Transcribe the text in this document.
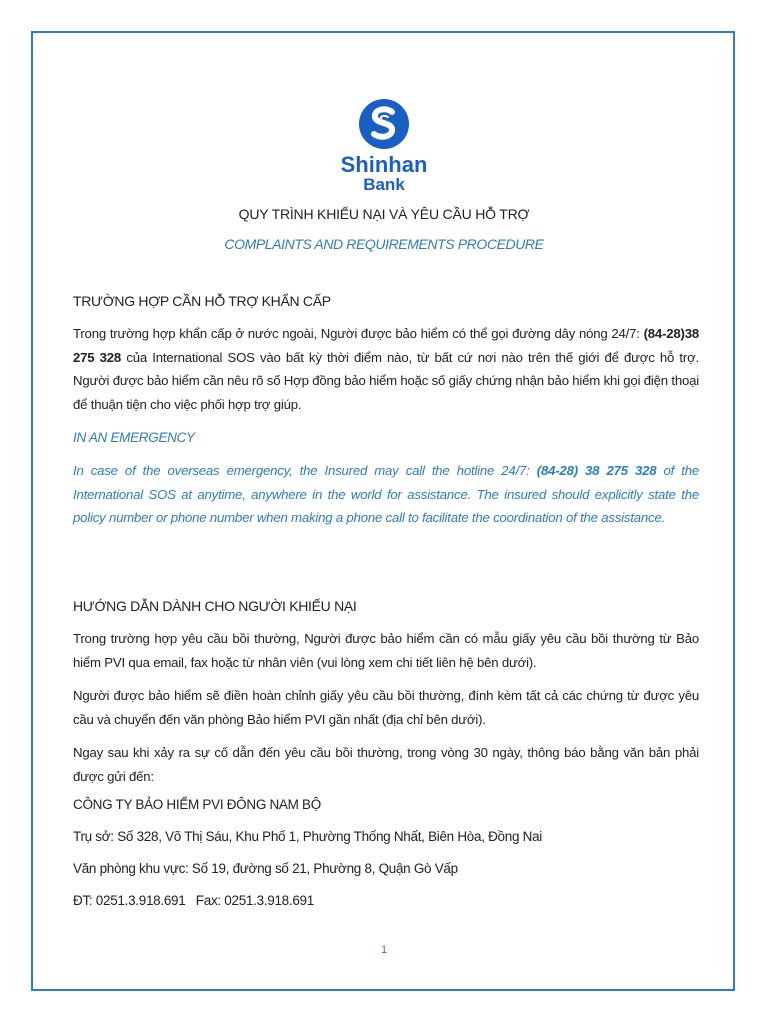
Shinhan
Bank
QUY TRÌNH KHIẾU NẠI VÀ YÊU CẦU HỖ TRỢ
COMPLAINTS AND REQUIREMENTS PROCEDURE
TRƯỜNG HỢP CẦN HỖ TRỢ KHẨN CẤP
Trong trường hợp khẩn cấp ở nước ngoài, Người được bảo hiểm có thể gọi đường dây nóng 24/7: (84-28)38 275 328 của International SOS vào bất kỳ thời điểm nào, từ bất cứ nơi nào trên thế giới để được hỗ trợ. Người được bảo hiểm cần nêu rõ số Hợp đồng bảo hiểm hoặc số giấy chứng nhận bảo hiểm khi gọi điện thoại để thuận tiện cho việc phối hợp trợ giúp.
IN AN EMERGENCY
In case of the overseas emergency, the Insured may call the hotline 24/7: (84-28) 38 275 328 of the International SOS at anytime, anywhere in the world for assistance. The insured should explicitly state the policy number or phone number when making a phone call to facilitate the coordination of the assistance.
HƯỚNG DẪN DÀNH CHO NGƯỜI KHIẾU NẠI
Trong trường hợp yêu cầu bồi thường, Người được bảo hiểm cần có mẫu giấy yêu cầu bồi thường từ Bảo hiểm PVI qua email, fax hoặc từ nhân viên (vui lòng xem chi tiết liên hệ bên dưới).
Người được bảo hiểm sẽ điền hoàn chỉnh giấy yêu cầu bồi thường, đính kèm tất cả các chứng từ được yêu cầu và chuyển đến văn phòng Bảo hiểm PVI gần nhất (địa chỉ bên dưới).
Ngay sau khi xảy ra sự cố dẫn đến yêu cầu bồi thường, trong vòng 30 ngày, thông báo bằng văn bản phải được gửi đến:
CÔNG TY BẢO HIỂM PVI ĐÔNG NAM BỘ
Trụ sở: Số 328, Võ Thị Sáu, Khu Phố 1, Phường Thống Nhất, Biên Hòa, Đồng Nai
Văn phòng khu vực: Số 19, đường số 21, Phường 8, Quận Gò Vấp
ĐT: 0251.3.918.691   Fax: 0251.3.918.691
1
